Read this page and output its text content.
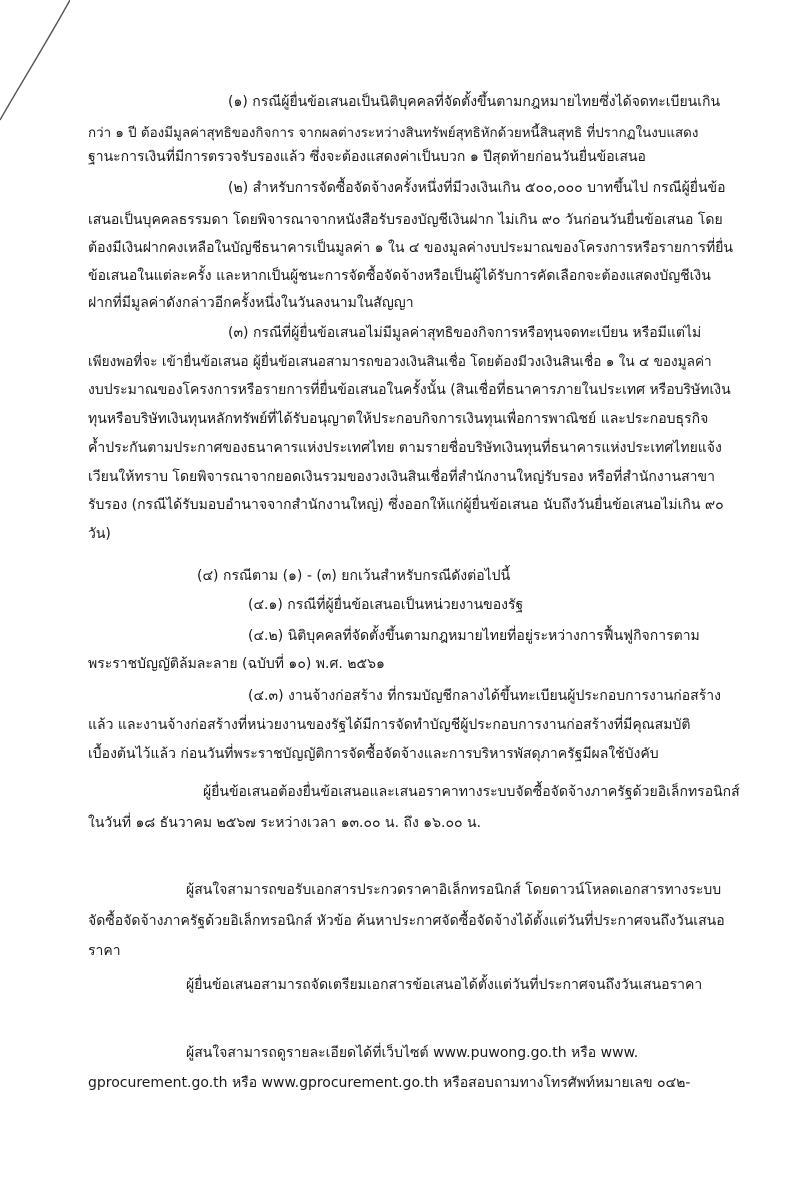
(๑) กรณีผู้ยื่นข้อเสนอเป็นนิติบุคคลที่จัดตั้งขึ้นตามกฎหมายไทยซึ่งได้จดทะเบียนเกิน
กว่า ๑ ปี ต้องมีมูลค่าสุทธิของกิจการ จากผลต่างระหว่างสินทรัพย์สุทธิหักด้วยหนี้สินสุทธิ ที่ปรากฏในงบแสดง
ฐานะการเงินที่มีการตรวจรับรองแล้ว ซึ่งจะต้องแสดงค่าเป็นบวก ๑ ปีสุดท้ายก่อนวันยื่นข้อเสนอ
(๒) สำหรับการจัดซื้อจัดจ้างครั้งหนึ่งที่มีวงเงินเกิน ๕๐๐,๐๐๐ บาทขึ้นไป กรณีผู้ยื่นข้อ
เสนอเป็นบุคคลธรรมดา โดยพิจารณาจากหนังสือรับรองบัญชีเงินฝาก ไม่เกิน ๙๐ วันก่อนวันยื่นข้อเสนอ โดย
ต้องมีเงินฝากคงเหลือในบัญชีธนาคารเป็นมูลค่า ๑ ใน ๔ ของมูลค่างบประมาณของโครงการหรือรายการที่ยื่น
ข้อเสนอในแต่ละครั้ง และหากเป็นผู้ชนะการจัดซื้อจัดจ้างหรือเป็นผู้ได้รับการคัดเลือกจะต้องแสดงบัญชีเงิน
ฝากที่มีมูลค่าดังกล่าวอีกครั้งหนึ่งในวันลงนามในสัญญา
(๓) กรณีที่ผู้ยื่นข้อเสนอไม่มีมูลค่าสุทธิของกิจการหรือทุนจดทะเบียน หรือมีแต่ไม่
เพียงพอที่จะ เข้ายื่นข้อเสนอ ผู้ยื่นข้อเสนอสามารถขอวงเงินสินเชื่อ โดยต้องมีวงเงินสินเชื่อ ๑ ใน ๔ ของมูลค่า
งบประมาณของโครงการหรือรายการที่ยื่นข้อเสนอในครั้งนั้น (สินเชื่อที่ธนาคารภายในประเทศ หรือบริษัทเงิน
ทุนหรือบริษัทเงินทุนหลักทรัพย์ที่ได้รับอนุญาตให้ประกอบกิจการเงินทุนเพื่อการพาณิชย์ และประกอบธุรกิจ
ค้ำประกันตามประกาศของธนาคารแห่งประเทศไทย ตามรายชื่อบริษัทเงินทุนที่ธนาคารแห่งประเทศไทยแจ้ง
เวียนให้ทราบ โดยพิจารณาจากยอดเงินรวมของวงเงินสินเชื่อที่สำนักงานใหญ่รับรอง หรือที่สำนักงานสาขา
รับรอง (กรณีได้รับมอบอำนาจจากสำนักงานใหญ่) ซึ่งออกให้แก่ผู้ยื่นข้อเสนอ นับถึงวันยื่นข้อเสนอไม่เกิน ๙๐
วัน)
(๔) กรณีตาม (๑) - (๓) ยกเว้นสำหรับกรณีดังต่อไปนี้
(๔.๑) กรณีที่ผู้ยื่นข้อเสนอเป็นหน่วยงานของรัฐ
(๔.๒) นิติบุคคลที่จัดตั้งขึ้นตามกฎหมายไทยที่อยู่ระหว่างการฟื้นฟูกิจการตาม
พระราชบัญญัติล้มละลาย (ฉบับที่ ๑๐) พ.ศ. ๒๕๖๑
(๔.๓) งานจ้างก่อสร้าง ที่กรมบัญชีกลางได้ขึ้นทะเบียนผู้ประกอบการงานก่อสร้าง
แล้ว และงานจ้างก่อสร้างที่หน่วยงานของรัฐได้มีการจัดทำบัญชีผู้ประกอบการงานก่อสร้างที่มีคุณสมบัติ
เบื้องต้นไว้แล้ว ก่อนวันที่พระราชบัญญัติการจัดซื้อจัดจ้างและการบริหารพัสดุภาครัฐมีผลใช้บังคับ
ผู้ยื่นข้อเสนอต้องยื่นข้อเสนอและเสนอราคาทางระบบจัดซื้อจัดจ้างภาครัฐด้วยอิเล็กทรอนิกส์
ในวันที่ ๑๘ ธันวาคม ๒๕๖๗ ระหว่างเวลา ๑๓.๐๐ น. ถึง ๑๖.๐๐ น.
ผู้สนใจสามารถขอรับเอกสารประกวดราคาอิเล็กทรอนิกส์ โดยดาวน์โหลดเอกสารทางระบบ
จัดซื้อจัดจ้างภาครัฐด้วยอิเล็กทรอนิกส์ หัวข้อ ค้นหาประกาศจัดซื้อจัดจ้างได้ตั้งแต่วันที่ประกาศจนถึงวันเสนอ
ราคา
ผู้ยื่นข้อเสนอสามารถจัดเตรียมเอกสารข้อเสนอได้ตั้งแต่วันที่ประกาศจนถึงวันเสนอราคา
ผู้สนใจสามารถดูรายละเอียดได้ที่เว็บไซต์ www.puwong.go.th หรือ www.
gprocurement.go.th หรือ www.gprocurement.go.th หรือสอบถามทางโทรศัพท์หมายเลข ๐๔๒-
